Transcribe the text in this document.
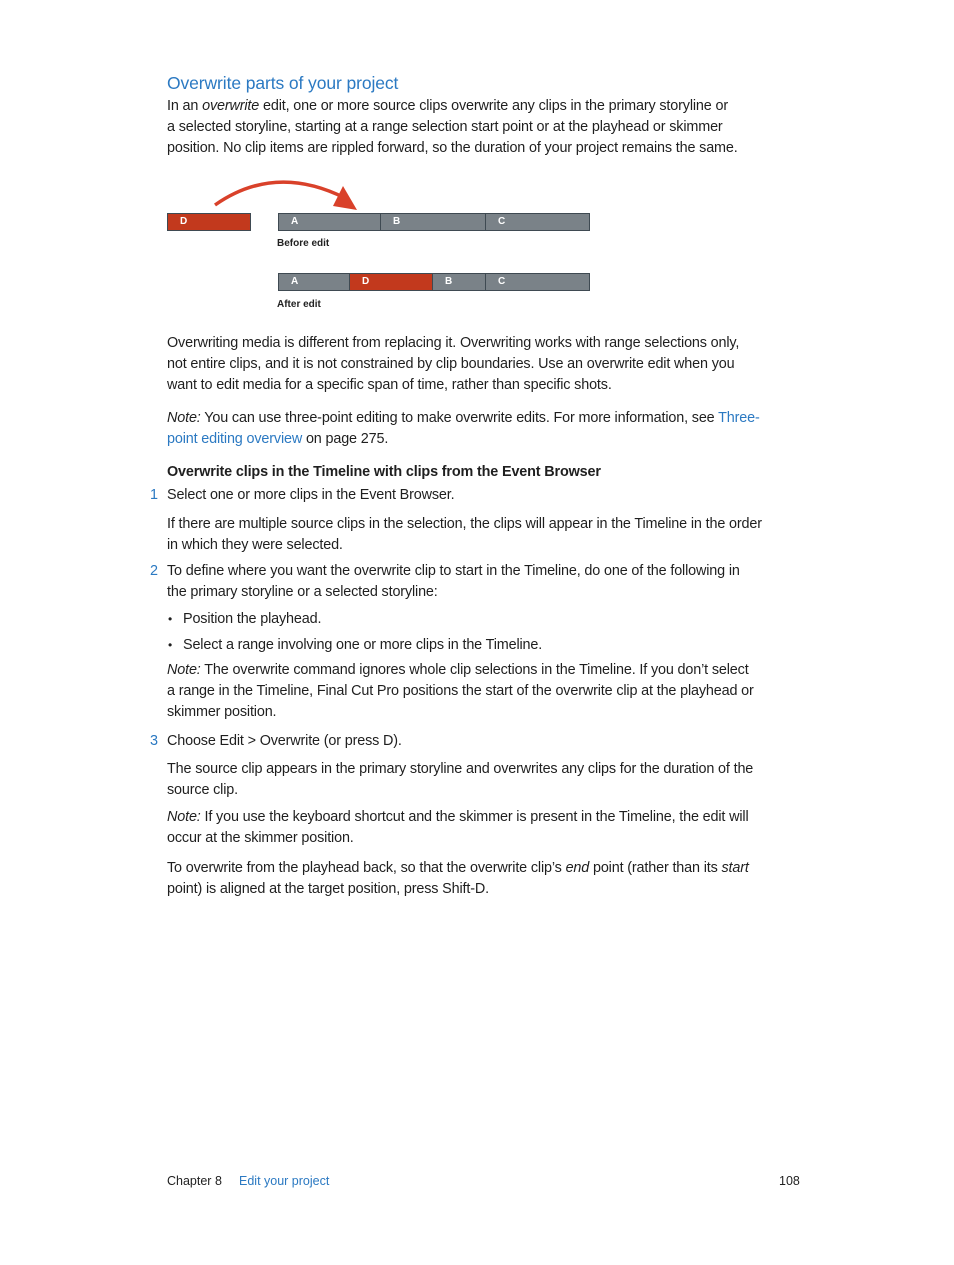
Overwrite parts of your project
In an overwrite edit, one or more source clips overwrite any clips in the primary storyline or
a selected storyline, starting at a range selection start point or at the playhead or skimmer
position. No clip items are rippled forward, so the duration of your project remains the same.
D	A	B	C
Before edit
A	D	B	C
After edit
Overwriting media is different from replacing it. Overwriting works with range selections only,
not entire clips, and it is not constrained by clip boundaries. Use an overwrite edit when you
want to edit media for a specific span of time, rather than specific shots.
Note: You can use three-point editing to make overwrite edits. For more information, see Three-
point editing overview on page 275.
Overwrite clips in the Timeline with clips from the Event Browser
1 Select one or more clips in the Event Browser.
If there are multiple source clips in the selection, the clips will appear in the Timeline in the order
in which they were selected.
2 To define where you want the overwrite clip to start in the Timeline, do one of the following in
the primary storyline or a selected storyline:
• Position the playhead.
• Select a range involving one or more clips in the Timeline.
Note: The overwrite command ignores whole clip selections in the Timeline. If you don’t select
a range in the Timeline, Final Cut Pro positions the start of the overwrite clip at the playhead or
skimmer position.
3 Choose Edit > Overwrite (or press D).
The source clip appears in the primary storyline and overwrites any clips for the duration of the
source clip.
Note: If you use the keyboard shortcut and the skimmer is present in the Timeline, the edit will
occur at the skimmer position.
To overwrite from the playhead back, so that the overwrite clip’s end point (rather than its start
point) is aligned at the target position, press Shift-D.
Chapter 8 Edit your project	108
